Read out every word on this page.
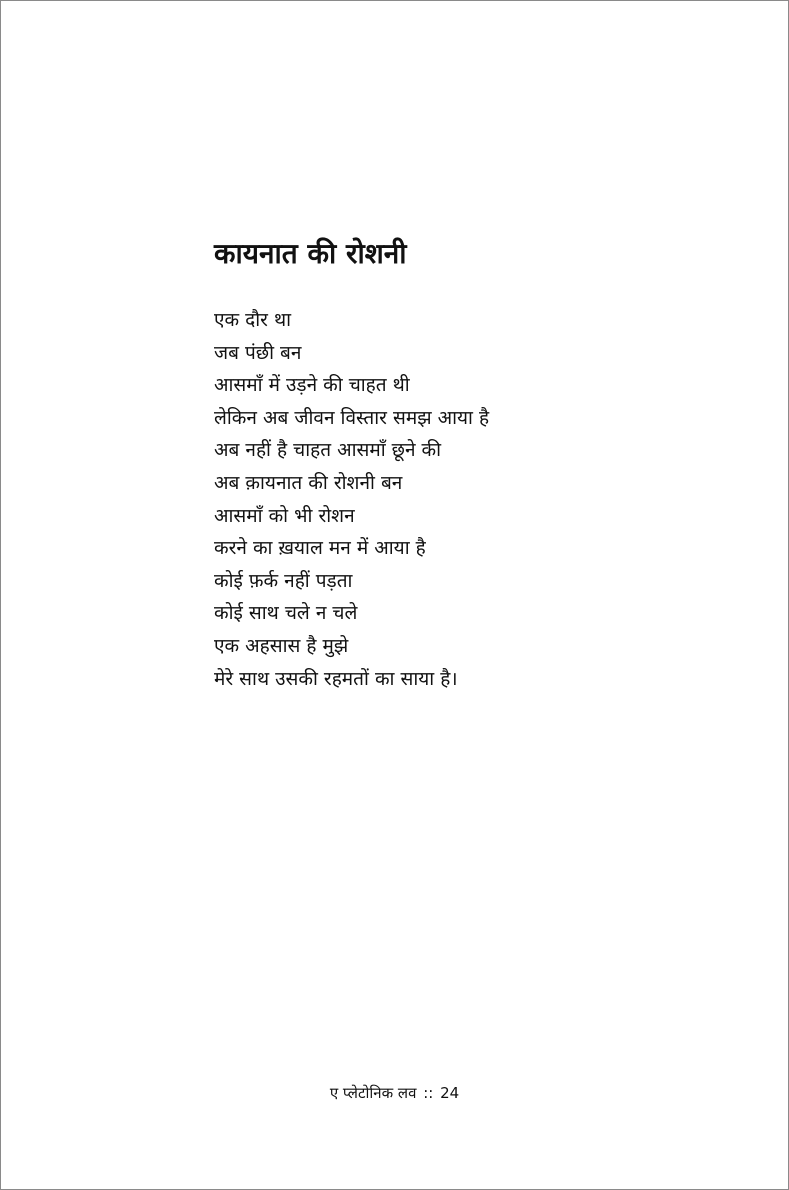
कायनात की रोशनी
एक दौर था
जब पंछी बन
आसमाँ में उड़ने की चाहत थी
लेकिन अब जीवन विस्तार समझ आया है
अब नहीं है चाहत आसमाँ छूने की
अब क़ायनात की रोशनी बन
आसमाँ को भी रोशन
करने का ख़याल मन में आया है
कोई फ़र्क नहीं पड़ता
कोई साथ चले न चले
एक अहसास है मुझे
मेरे साथ उसकी रहमतों का साया है।
ए प्लेटोनिक लव :: 24
